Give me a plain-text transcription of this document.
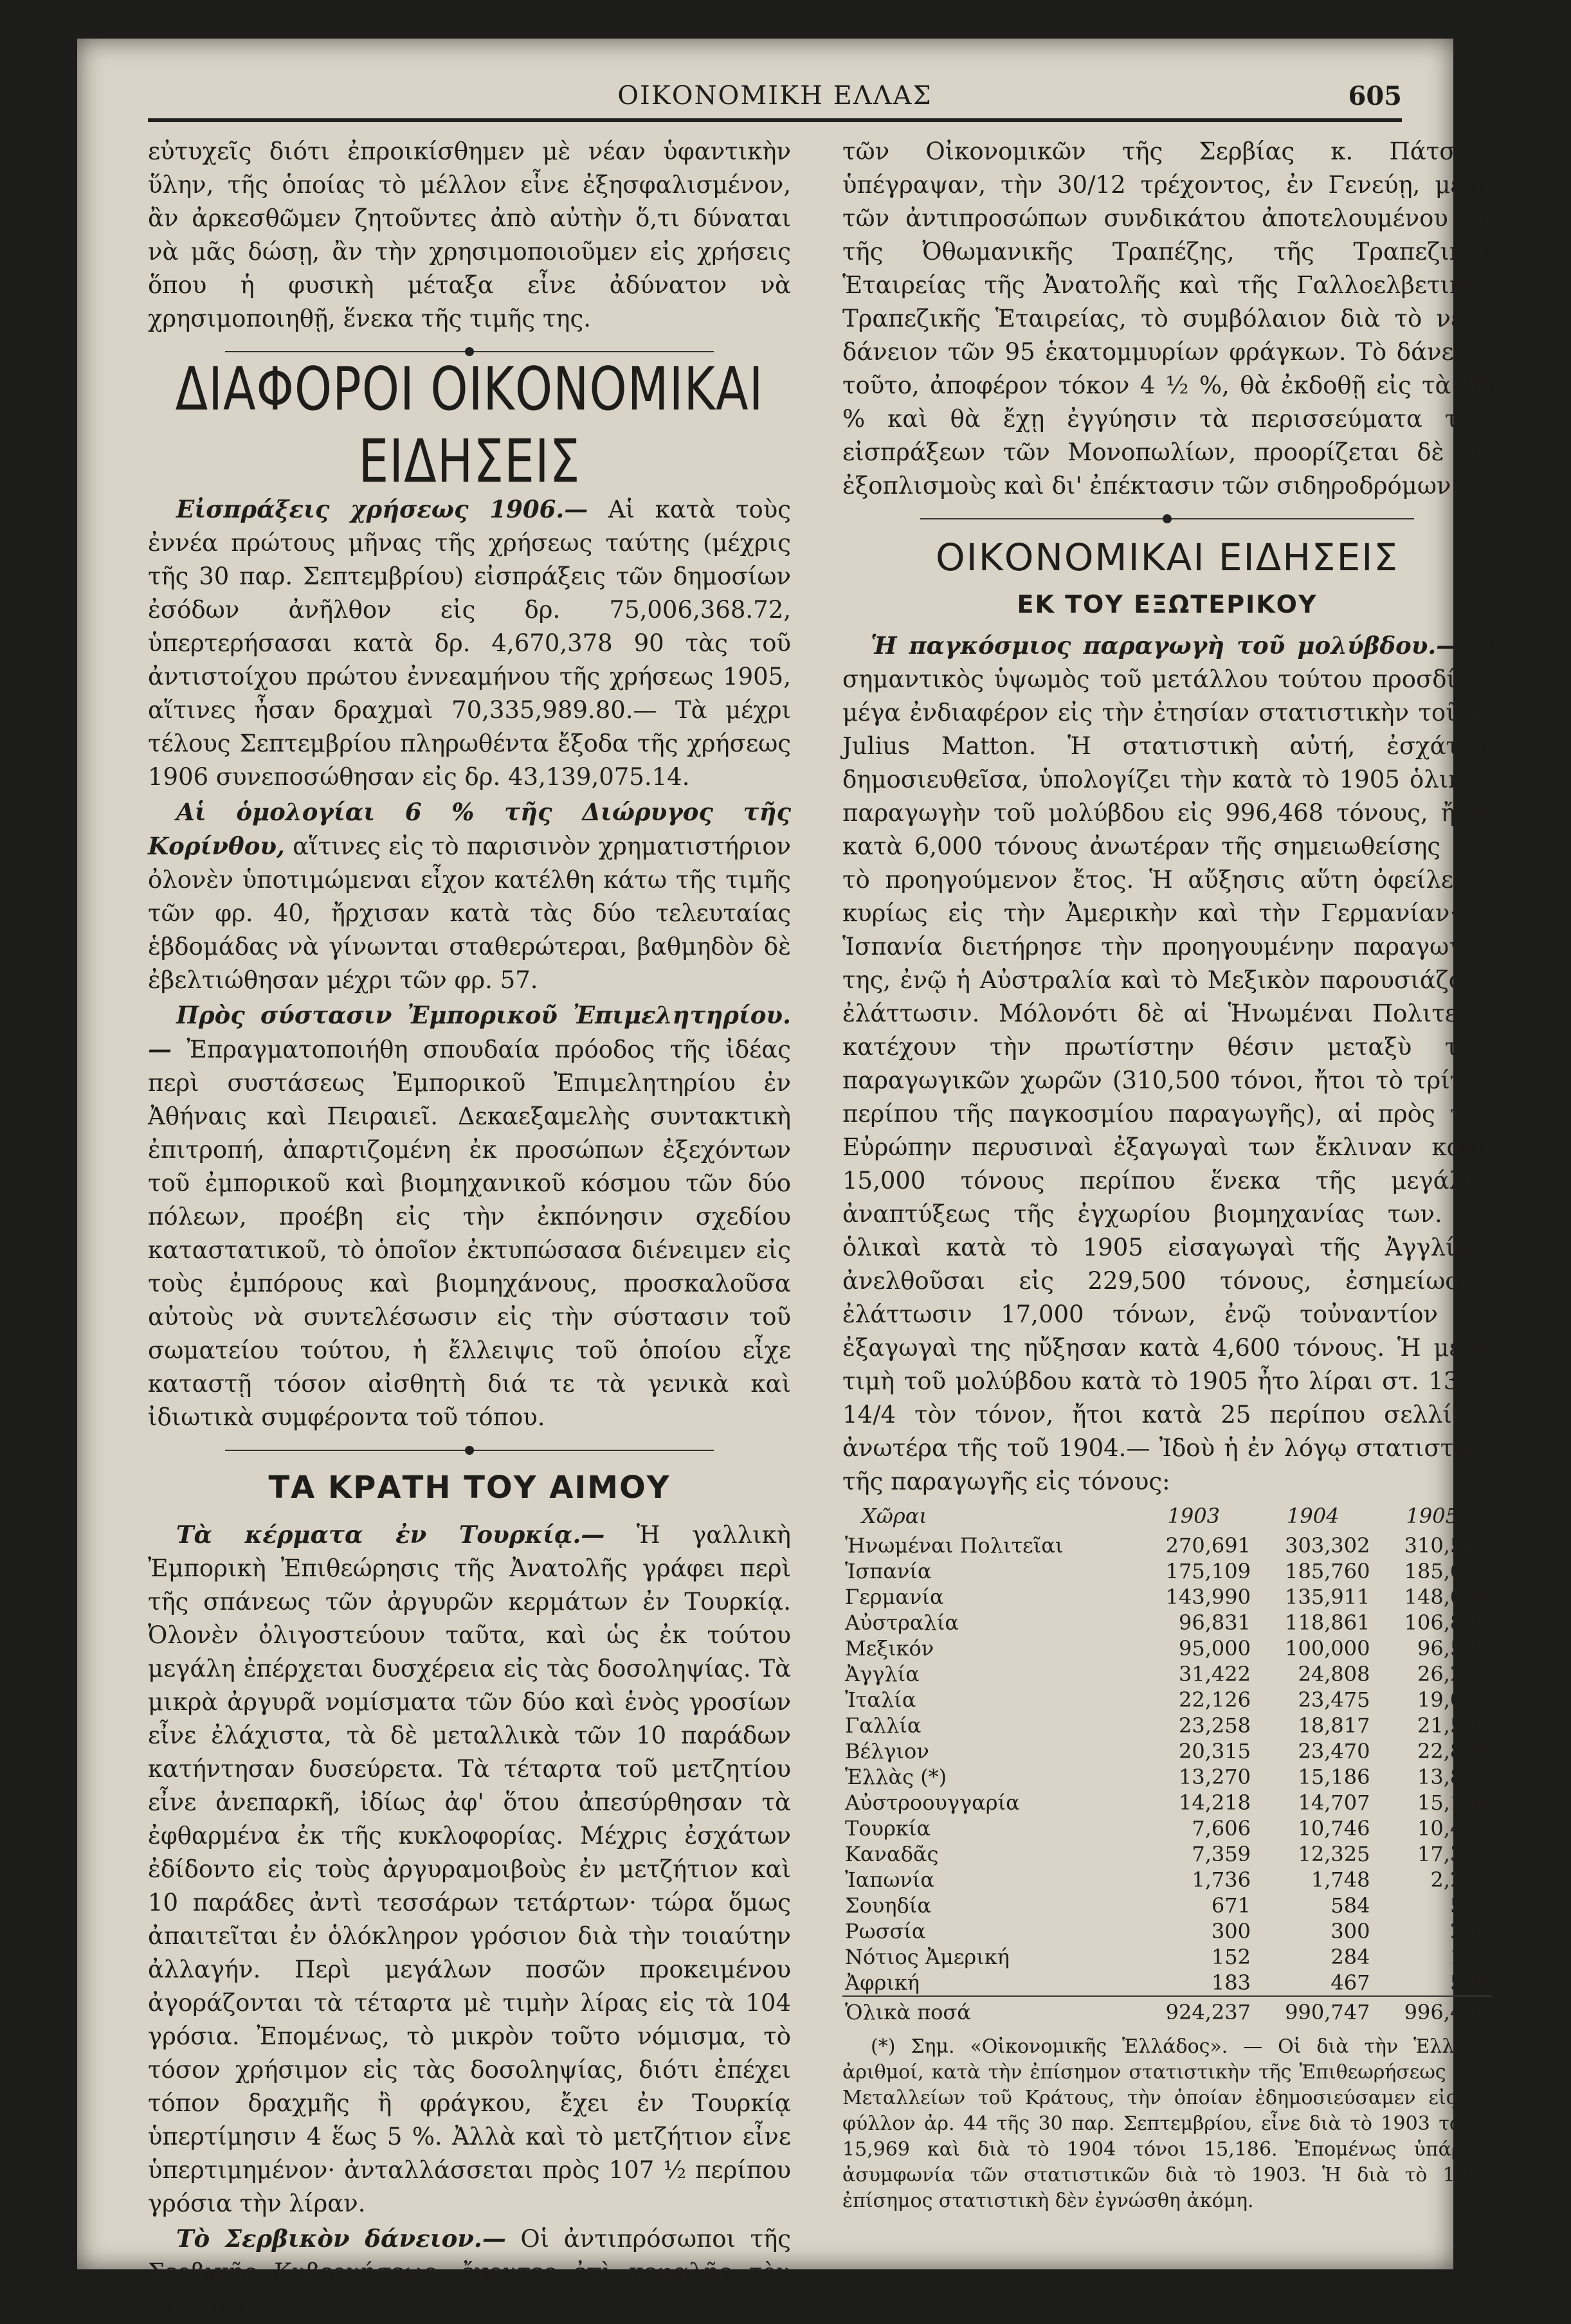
ΟΙΚΟΝΟΜΙΚΗ ΕΛΛΑΣ	605

εὐτυχεῖς διότι ἐπροικίσθημεν μὲ νέαν ὑφαντικὴν ὕλην, τῆς ὁποίας τὸ μέλλον εἶνε ἐξησφαλισμένον, ἂν ἀρκεσθῶμεν ζητοῦντες ἀπὸ αὐτὴν ὅ,τι δύναται νὰ μᾶς δώσῃ, ἂν τὴν χρησιμοποιοῦμεν εἰς χρήσεις ὅπου ἡ φυσικὴ μέταξα εἶνε ἀδύνατον νὰ χρησιμοποιηθῇ, ἕνεκα τῆς τιμῆς της.

ΔΙΑΦΟΡΟΙ ΟΙΚΟΝΟΜΙΚΑΙ ΕΙΔΗΣΕΙΣ

Εἰσπράξεις χρήσεως 1906.— Αἱ κατὰ τοὺς ἐννέα πρώτους μῆνας τῆς χρήσεως ταύτης (μέχρις τῆς 30 παρ. Σεπτεμβρίου) εἰσπράξεις τῶν δημοσίων ἐσόδων ἀνῆλθον εἰς δρ. 75,006,368.72, ὑπερτερήσασαι κατὰ δρ. 4,670,378 90 τὰς τοῦ ἀντιστοίχου πρώτου ἐννεαμήνου τῆς χρήσεως 1905, αἵτινες ἦσαν δραχμαὶ 70,335,989.80.— Τὰ μέχρι τέλους Σεπτεμβρίου πληρωθέντα ἔξοδα τῆς χρήσεως 1906 συνεποσώθησαν εἰς δρ. 43,139,075.14.

Αἱ ὁμολογίαι 6 % τῆς Διώρυγος τῆς Κορίνθου, αἵτινες εἰς τὸ παρισινὸν χρηματιστήριον ὀλονὲν ὑποτιμώμεναι εἶχον κατέλθη κάτω τῆς τιμῆς τῶν φρ. 40, ἤρχισαν κατὰ τὰς δύο τελευταίας ἑβδομάδας νὰ γίνωνται σταθερώτεραι, βαθμηδὸν δὲ ἐβελτιώθησαν μέχρι τῶν φρ. 57.

Πρὸς σύστασιν Ἐμπορικοῦ Ἐπιμελητηρίου.— Ἐπραγματοποιήθη σπουδαία πρόοδος τῆς ἰδέας περὶ συστάσεως Ἐμπορικοῦ Ἐπιμελητηρίου ἐν Ἀθήναις καὶ Πειραιεῖ. Δεκαεξαμελὴς συντακτικὴ ἐπιτροπή, ἀπαρτιζομένη ἐκ προσώπων ἐξεχόντων τοῦ ἐμπορικοῦ καὶ βιομηχανικοῦ κόσμου τῶν δύο πόλεων, προέβη εἰς τὴν ἐκπόνησιν σχεδίου καταστατικοῦ, τὸ ὁποῖον ἐκτυπώσασα διένειμεν εἰς τοὺς ἐμπόρους καὶ βιομηχάνους, προσκαλοῦσα αὐτοὺς νὰ συντελέσωσιν εἰς τὴν σύστασιν τοῦ σωματείου τούτου, ἡ ἔλλειψις τοῦ ὁποίου εἶχε καταστῇ τόσον αἰσθητὴ διά τε τὰ γενικὰ καὶ ἰδιωτικὰ συμφέροντα τοῦ τόπου.

ΤΑ ΚΡΑΤΗ ΤΟΥ ΑΙΜΟΥ

Τὰ κέρματα ἐν Τουρκίᾳ.— Ἡ γαλλικὴ Ἐμπορικὴ Ἐπιθεώρησις τῆς Ἀνατολῆς γράφει περὶ τῆς σπάνεως τῶν ἀργυρῶν κερμάτων ἐν Τουρκίᾳ. Ὀλονὲν ὀλιγοστεύουν ταῦτα, καὶ ὡς ἐκ τούτου μεγάλη ἐπέρχεται δυσχέρεια εἰς τὰς δοσοληψίας. Τὰ μικρὰ ἀργυρᾶ νομίσματα τῶν δύο καὶ ἑνὸς γροσίων εἶνε ἐλάχιστα, τὰ δὲ μεταλλικὰ τῶν 10 παράδων κατήντησαν δυσεύρετα. Τὰ τέταρτα τοῦ μετζητίου εἶνε ἀνεπαρκῆ, ἰδίως ἀφ' ὅτου ἀπεσύρθησαν τὰ ἐφθαρμένα ἐκ τῆς κυκλοφορίας. Μέχρις ἐσχάτων ἐδίδοντο εἰς τοὺς ἀργυραμοιβοὺς ἐν μετζήτιον καὶ 10 παράδες ἀντὶ τεσσάρων τετάρτων· τώρα ὅμως ἀπαιτεῖται ἐν ὁλόκληρον γρόσιον διὰ τὴν τοιαύτην ἀλλαγήν. Περὶ μεγάλων ποσῶν προκειμένου ἀγοράζονται τὰ τέταρτα μὲ τιμὴν λίρας εἰς τὰ 104 γρόσια. Ἐπομένως, τὸ μικρὸν τοῦτο νόμισμα, τὸ τόσον χρήσιμον εἰς τὰς δοσοληψίας, διότι ἐπέχει τόπον δραχμῆς ἢ φράγκου, ἔχει ἐν Τουρκίᾳ ὑπερτίμησιν 4 ἕως 5 %. Ἀλλὰ καὶ τὸ μετζήτιον εἶνε ὑπερτιμημένον· ἀνταλλάσσεται πρὸς 107 ½ περίπου γρόσια τὴν λίραν.

Τὸ Σερβικὸν δάνειον.— Οἱ ἀντιπρόσωποι τῆς Σερβικῆς Κυβερνήσεως, ἔχοντες ἐπὶ κεφαλῆς τὸν ὑπουργὸν

τῶν Οἰκονομικῶν τῆς Σερβίας κ. Πάτσου, ὑπέγραψαν, τὴν 30/12 τρέχοντος, ἐν Γενεύῃ, μετὰ τῶν ἀντιπροσώπων συνδικάτου ἀποτελουμένου ἐκ τῆς Ὀθωμανικῆς Τραπέζης, τῆς Τραπεζικῆς Ἑταιρείας τῆς Ἀνατολῆς καὶ τῆς Γαλλοελβετικῆς Τραπεζικῆς Ἑταιρείας, τὸ συμβόλαιον διὰ τὸ νέον δάνειον τῶν 95 ἑκατομμυρίων φράγκων. Τὸ δάνειον τοῦτο, ἀποφέρον τόκον 4 ½ %, θὰ ἐκδοθῇ εἰς τὰ 90 % καὶ θὰ ἔχῃ ἐγγύησιν τὰ περισσεύματα τῶν εἰσπράξεων τῶν Μονοπωλίων, προορίζεται δὲ δι' ἐξοπλισμοὺς καὶ δι' ἐπέκτασιν τῶν σιδηροδρόμων.

ΟΙΚΟΝΟΜΙΚΑΙ ΕΙΔΗΣΕΙΣ
ΕΚ ΤΟΥ ΕΞΩΤΕΡΙΚΟΥ

Ἡ παγκόσμιος παραγωγὴ τοῦ μολύβδου.— Ὁ σημαντικὸς ὑψωμὸς τοῦ μετάλλου τούτου προσδίδει μέγα ἐνδιαφέρον εἰς τὴν ἐτησίαν στατιστικὴν τοῦ κ. Julius Matton. Ἡ στατιστικὴ αὐτή, ἐσχάτως δημοσιευθεῖσα, ὑπολογίζει τὴν κατὰ τὸ 1905 ὁλικὴν παραγωγὴν τοῦ μολύβδου εἰς 996,468 τόνους, ἤτοι κατὰ 6,000 τόνους ἀνωτέραν τῆς σημειωθείσης διὰ τὸ προηγούμενον ἔτος. Ἡ αὔξησις αὕτη ὀφείλεται κυρίως εἰς τὴν Ἀμερικὴν καὶ τὴν Γερμανίαν· ἡ Ἱσπανία διετήρησε τὴν προηγουμένην παραγωγήν της, ἐνῷ ἡ Αὐστραλία καὶ τὸ Μεξικὸν παρουσιάζουν ἐλάττωσιν. Μόλονότι δὲ αἱ Ἡνωμέναι Πολιτεῖαι κατέχουν τὴν πρωτίστην θέσιν μεταξὺ τῶν παραγωγικῶν χωρῶν (310,500 τόνοι, ἤτοι τὸ τρίτον περίπου τῆς παγκοσμίου παραγωγῆς), αἱ πρὸς τὴν Εὐρώπην περυσιναὶ ἐξαγωγαὶ των ἔκλιναν κατὰ 15,000 τόνους περίπου ἕνεκα τῆς μεγάλης ἀναπτύξεως τῆς ἐγχωρίου βιομηχανίας των. Αἱ ὁλικαὶ κατὰ τὸ 1905 εἰσαγωγαὶ τῆς Ἀγγλίας, ἀνελθοῦσαι εἰς 229,500 τόνους, ἐσημείωσαν ἐλάττωσιν 17,000 τόνων, ἐνῷ τοὐναντίον αἱ ἐξαγωγαὶ της ηὔξησαν κατὰ 4,600 τόνους. Ἡ μέση τιμὴ τοῦ μολύβδου κατὰ τὸ 1905 ἦτο λίραι στ. 13 σ. 14/4 τὸν τόνον, ἤτοι κατὰ 25 περίπου σελλίνια ἀνωτέρα τῆς τοῦ 1904.— Ἰδοὺ ἡ ἐν λόγῳ στατιστικὴ τῆς παραγωγῆς εἰς τόνους:

Χῶραι	1903	1904	1905
Ἡνωμέναι Πολιτεῖαι	270,691	303,302	310,548
Ἱσπανία	175,109	185,760	185,693
Γερμανία	143,990	135,911	148,634
Αὐστραλία	96,831	118,861	106,886
Μεξικόν	95,000	100,000	96,500
Ἀγγλία	31,422	24,808	26,233
Ἰταλία	22,126	23,475	19,077
Γαλλία	23,258	18,817	21,500
Βέλγιον	20,315	23,470	22,885
Ἑλλὰς (*)	13,270	15,186	13,822
Αὐστροουγγαρία	14,218	14,707	15,186
Τουρκία	7,606	10,746	10,452
Καναδᾶς	7,359	12,325	17,382
Ἰαπωνία	1,736	1,748	2,233
Σουηδία	671	584	574
Ρωσσία	300	300	250
Νότιος Ἀμερική	152	284	142
Ἀφρική	183	467	589
Ὁλικὰ ποσά	924,237	990,747	996,468
(*) Σημ. «Οἰκονομικῆς Ἑλλάδος». — Οἱ διὰ τὴν Ἑλλάδα ἀριθμοί, κατὰ τὴν ἐπίσημον στατιστικὴν τῆς Ἐπιθεωρήσεως τῶν Μεταλλείων τοῦ Κράτους, τὴν ὁποίαν ἐδημοσιεύσαμεν εἰς τὸ φύλλον ἀρ. 44 τῆς 30 παρ. Σεπτεμβρίου, εἶνε διὰ τὸ 1903 τόνοι 15,969 καὶ διὰ τὸ 1904 τόνοι 15,186. Ἐπομένως ὑπάρχει ἀσυμφωνία τῶν στατιστικῶν διὰ τὸ 1903. Ἡ διὰ τὸ 1905 ἐπίσημος στατιστικὴ δὲν ἐγνώσθη ἀκόμη.
